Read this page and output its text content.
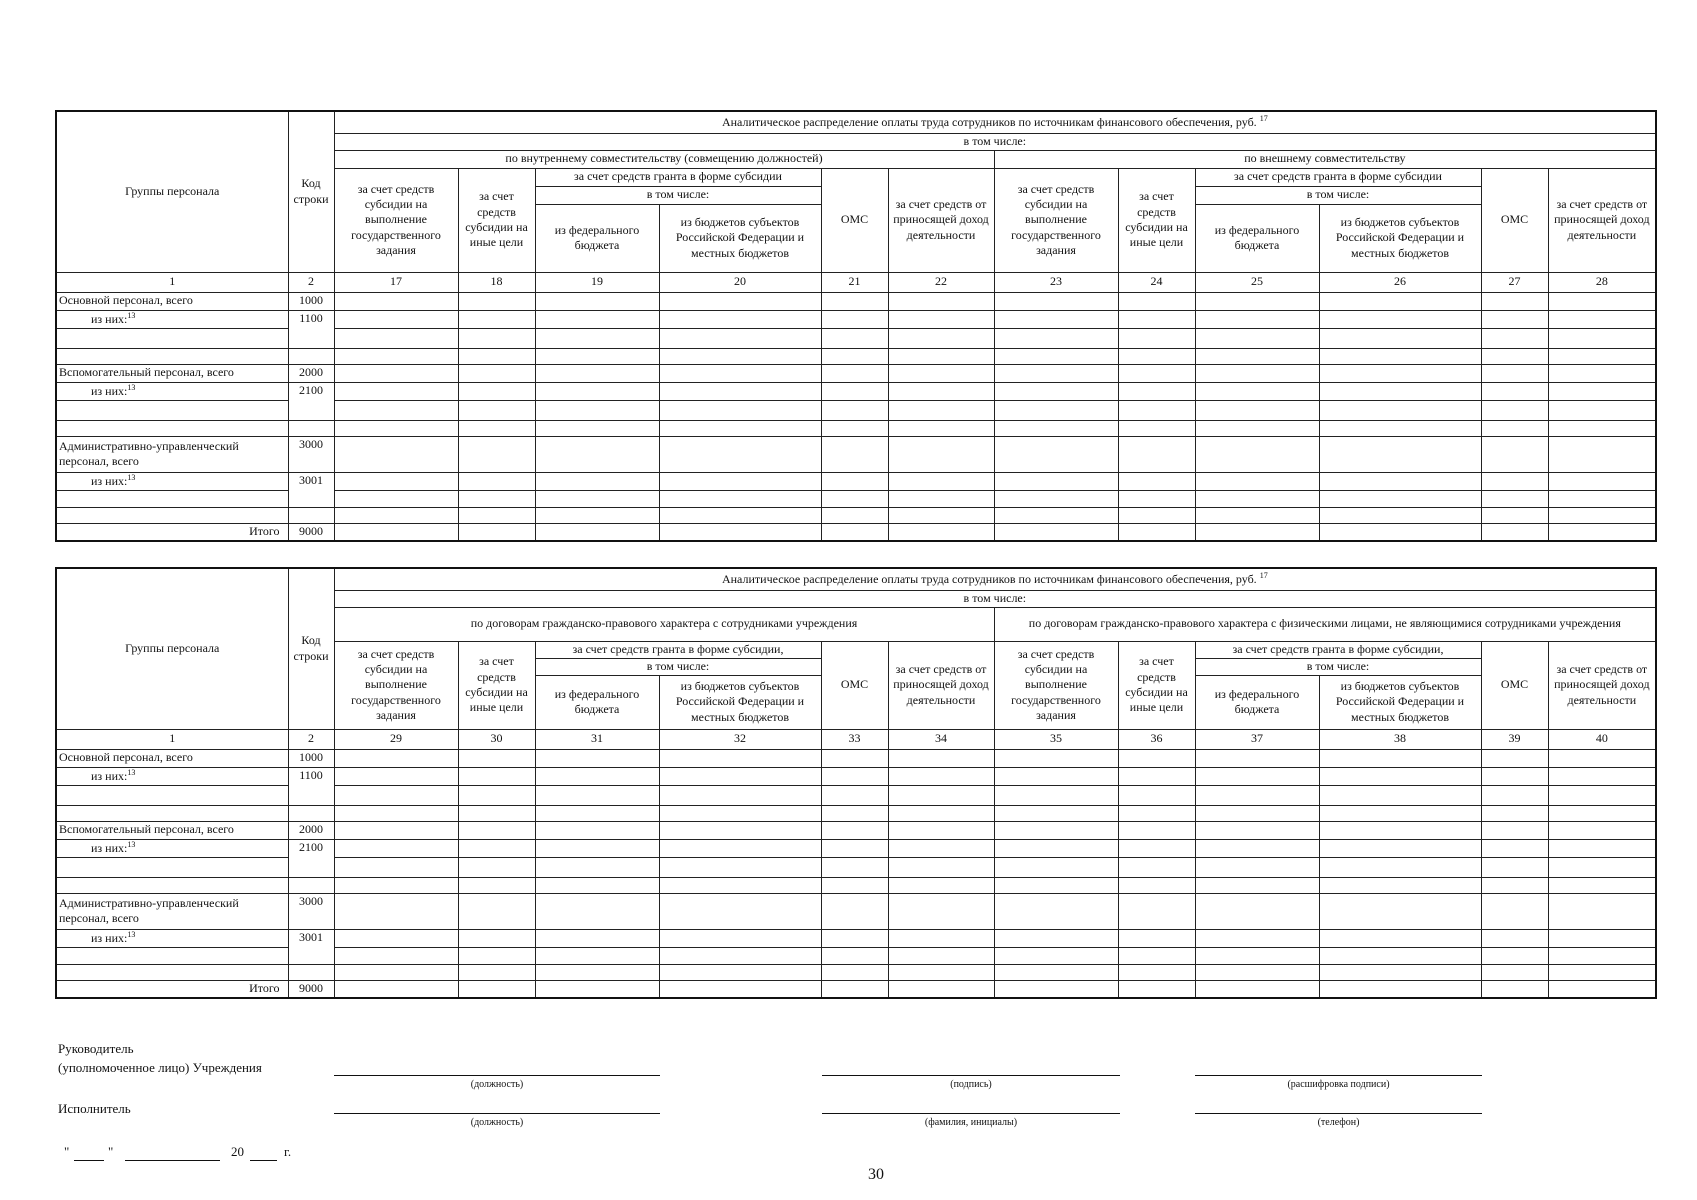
Группы персонала	Код строки	Аналитическое распределение оплаты труда сотрудников по источникам финансового обеспечения, руб. $^{17}$
		в том числе:											
		по внутреннему совместительству (совмещению должностей)						по внешнему совместительству					
		за счет средств субсидии на выполнение государственного задания	за счет средств субсидии на иные цели	за счет средств гранта в форме субсидии		ОМС	за счет средств от приносящей доход деятельности	за счет средств субсидии на выполнение государственного задания	за счет средств субсидии на иные цели	за счет средств гранта в форме субсидии		ОМС	за счет средств от приносящей доход деятельности
				в том числе:						в том числе:			
				из федерального бюджета	из бюджетов субъектов Российской Федерации и местных бюджетов					из федерального бюджета	из бюджетов субъектов Российской Федерации и местных бюджетов		
1	2	17	18	19	20	21	22	23	24	25	26	27	28
Основной персонал, всего	1000												
из них:$^{13}$	1100												

Вспомогательный персонал, всего	2000												
из них:$^{13}$	2100												

Административно-управленческий персонал, всего	3000												
из них:$^{13}$	3001												

Итого	9000												
Группы персонала	Код строки	Аналитическое распределение оплаты труда сотрудников по источникам финансового обеспечения, руб. $^{17}$
		в том числе:											
		по договорам гражданско-правового характера с сотрудниками учреждения						по договорам гражданско-правового характера с физическими лицами, не являющимися сотрудниками учреждения					
		за счет средств субсидии на выполнение государственного задания	за счет средств субсидии на иные цели	за счет средств гранта в форме субсидии,		ОМС	за счет средств от приносящей доход деятельности	за счет средств субсидии на выполнение государственного задания	за счет средств субсидии на иные цели	за счет средств гранта в форме субсидии,		ОМС	за счет средств от приносящей доход деятельности
				в том числе:						в том числе:			
				из федерального бюджета	из бюджетов субъектов Российской Федерации и местных бюджетов					из федерального бюджета	из бюджетов субъектов Российской Федерации и местных бюджетов		
1	2	29	30	31	32	33	34	35	36	37	38	39	40
Основной персонал, всего	1000												
из них:$^{13}$	1100												

Вспомогательный персонал, всего	2000												
из них:$^{13}$	2100												

Административно-управленческий персонал, всего	3000												
из них:$^{13}$	3001												

Итого	9000												
Руководитель
(уполномоченное лицо) Учреждения
(должность)	(подпись)	(расшифровка подписи)
Исполнитель
(должность)	(фамилия, инициалы)	(телефон)
"	"	20	г.
30
